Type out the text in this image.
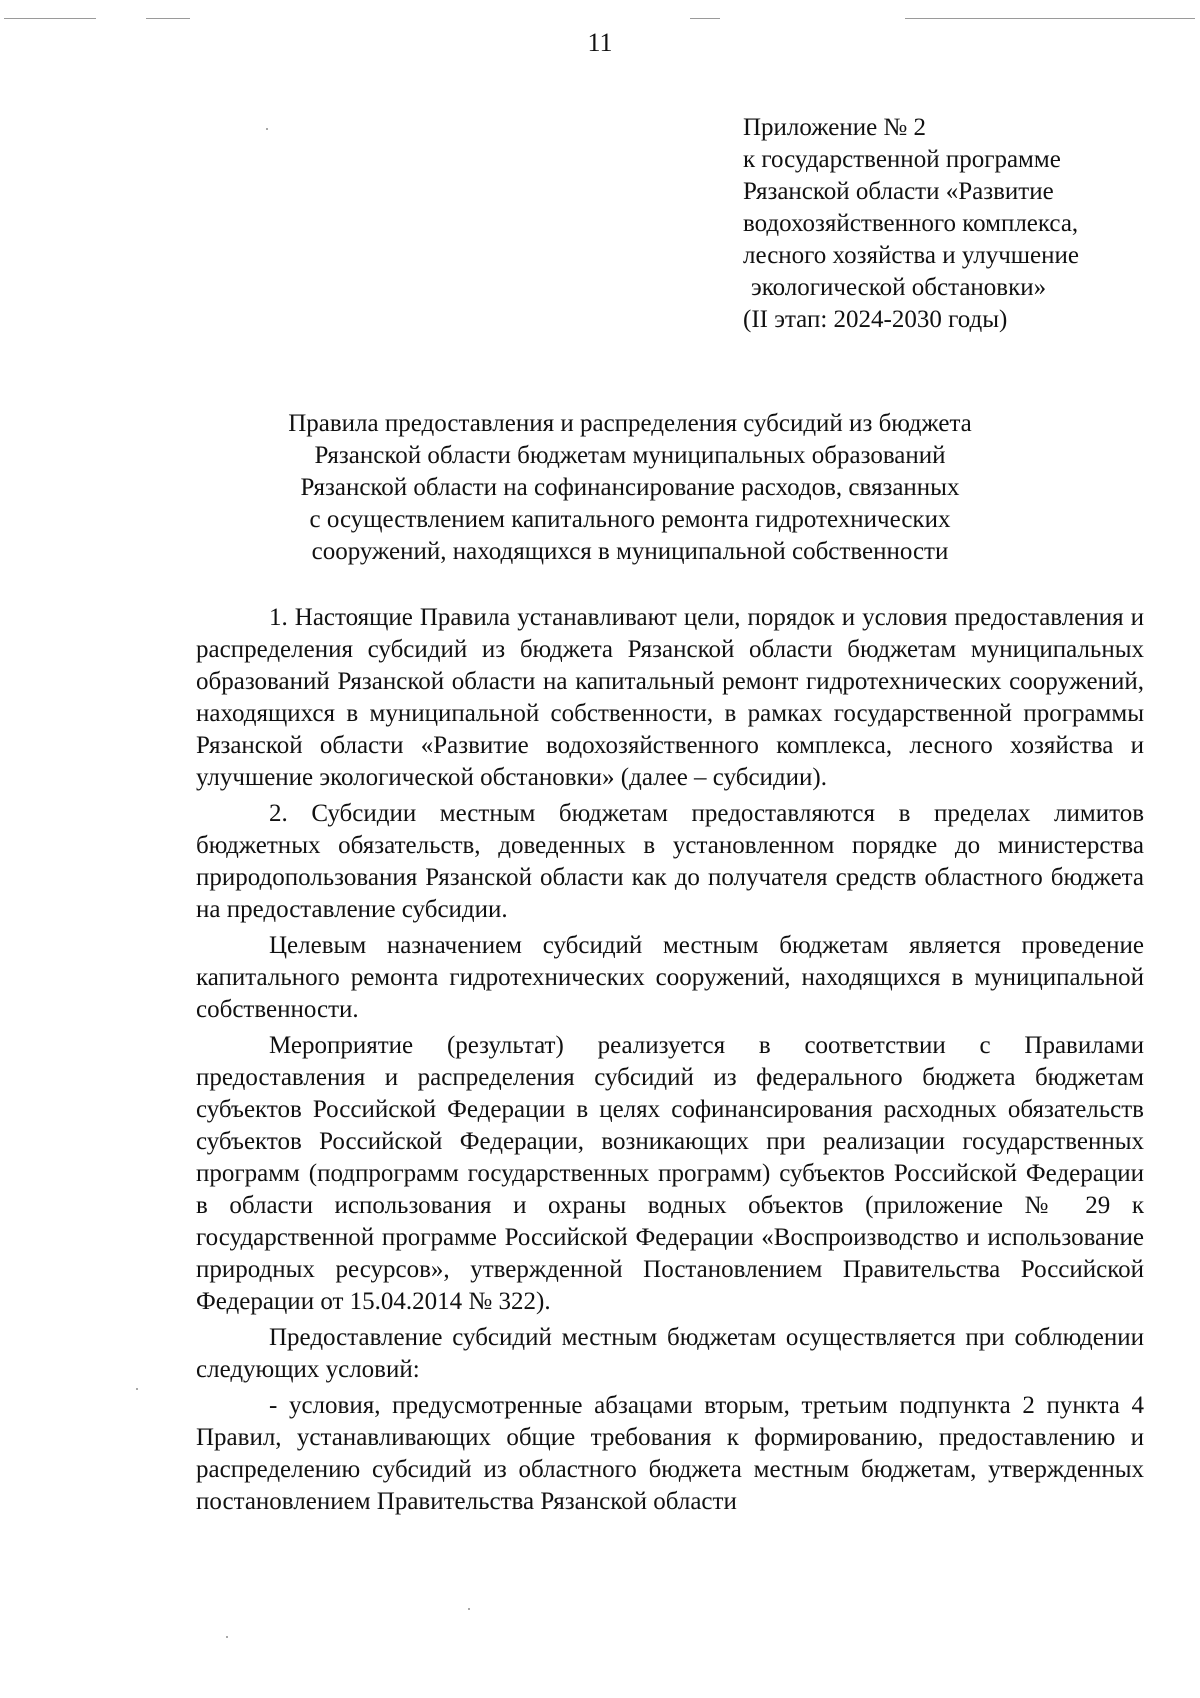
11
Приложение № 2
к государственной программе
Рязанской области «Развитие
водохозяйственного комплекса,
лесного хозяйства и улучшение
экологической обстановки»
(II этап: 2024-2030 годы)
Правила предоставления и распределения субсидий из бюджета
Рязанской области бюджетам муниципальных образований
Рязанской области на софинансирование расходов, связанных
с осуществлением капитального ремонта гидротехнических
сооружений, находящихся в муниципальной собственности

1. Настоящие Правила устанавливают цели, порядок и условия предоставления и распределения субсидий из бюджета Рязанской области бюджетам муниципальных образований Рязанской области на капитальный ремонт гидротехнических сооружений, находящихся в муниципальной собственности, в рамках государственной программы Рязанской области «Развитие водохозяйственного комплекса, лесного хозяйства и улучшение экологической обстановки» (далее – субсидии).

2. Субсидии местным бюджетам предоставляются в пределах лимитов бюджетных обязательств, доведенных в установленном порядке до министерства природопользования Рязанской области как до получателя средств областного бюджета на предоставление субсидии.

Целевым назначением субсидий местным бюджетам является проведение капитального ремонта гидротехнических сооружений, находящихся в муниципальной собственности.

Мероприятие (результат) реализуется в соответствии с Правилами предоставления и распределения субсидий из федерального бюджета бюджетам субъектов Российской Федерации в целях софинансирования расходных обязательств субъектов Российской Федерации, возникающих при реализации государственных программ (подпрограмм государственных программ) субъектов Российской Федерации в области использования и охраны водных объектов (приложение № 29 к государственной программе Российской Федерации «Воспроизводство и использование природных ресурсов», утвержденной Постановлением Правительства Российской Федерации от 15.04.2014 № 322).

Предоставление субсидий местным бюджетам осуществляется при соблюдении следующих условий:

- условия, предусмотренные абзацами вторым, третьим подпункта 2 пункта 4 Правил, устанавливающих общие требования к формированию, предоставлению и распределению субсидий из областного бюджета местным бюджетам, утвержденных постановлением Правительства Рязанской области
